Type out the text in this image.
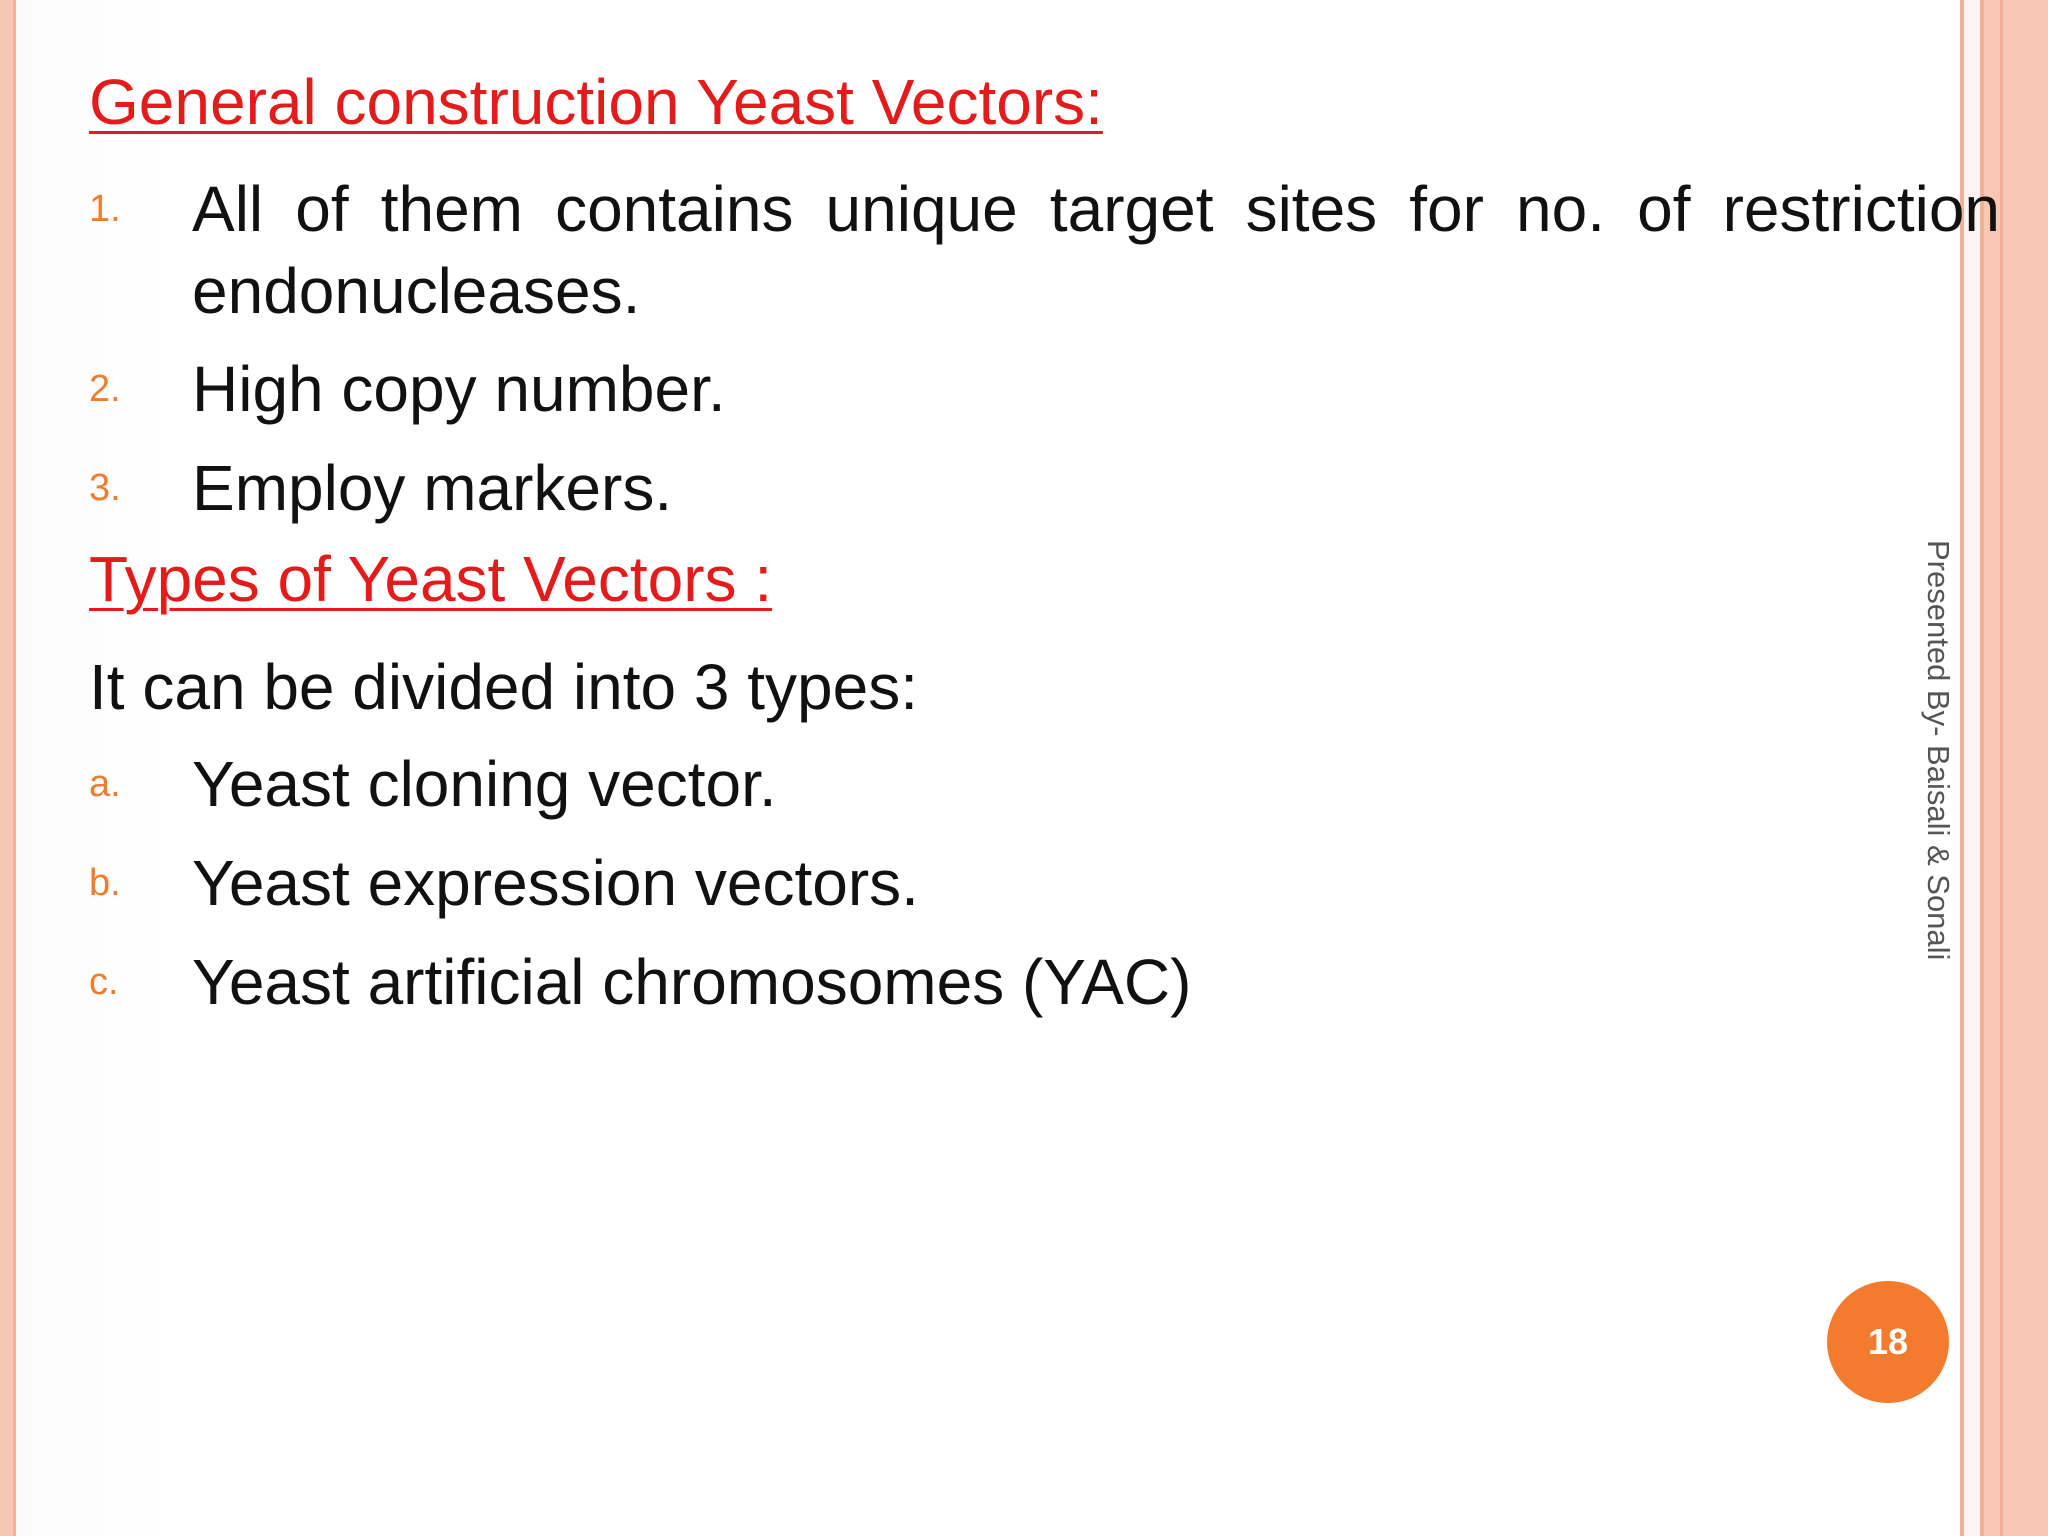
General construction Yeast Vectors:
1. All of them contains unique target sites for no. of restriction endonucleases.
2. High copy number.
3. Employ markers.
Types of Yeast Vectors :
It can be divided into 3 types:
a. Yeast cloning vector.
b. Yeast expression vectors.
c. Yeast artificial chromosomes (YAC)
Presented By- Baisali & Sonali
18
